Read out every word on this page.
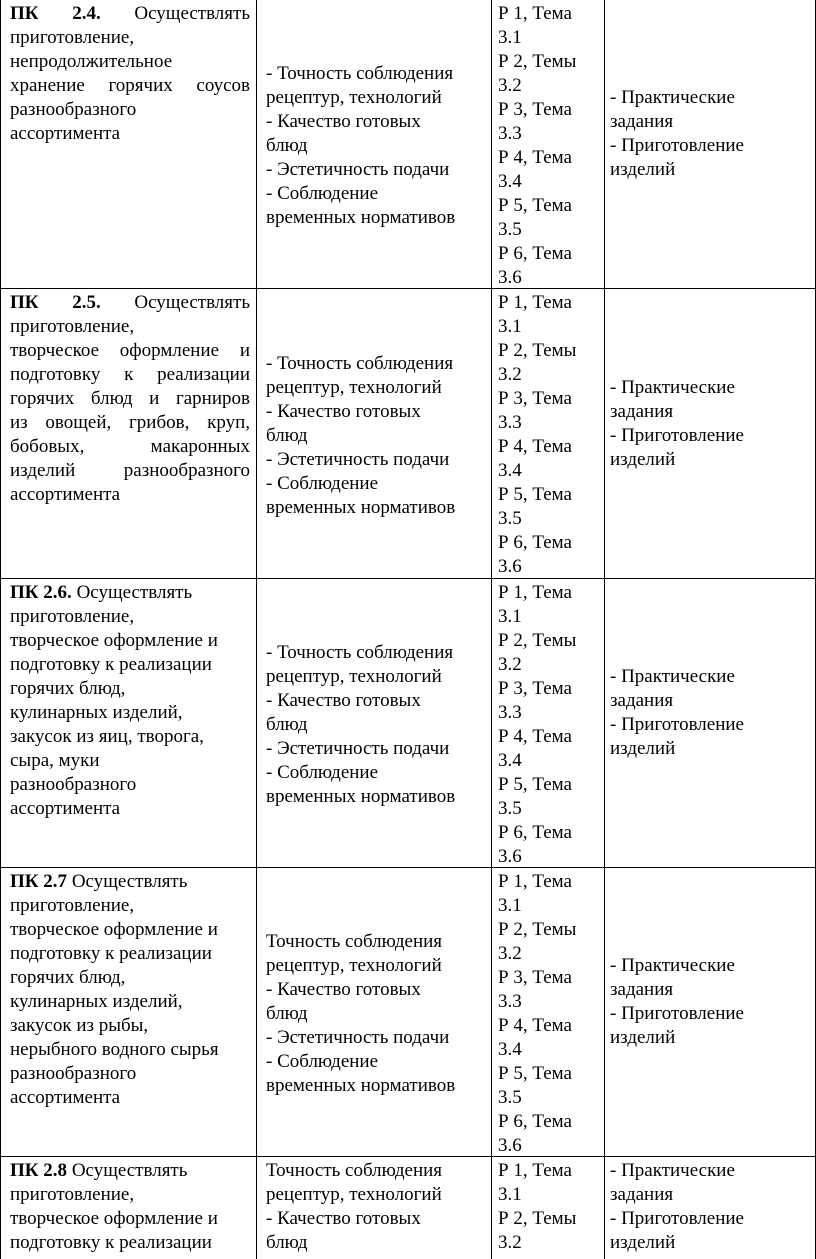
ПК 2.4. Осуществлять
приготовление,
непродолжительное
хранение горячих соусов
разнообразного
ассортимента
- Точность соблюдения
рецептур, технологий
- Качество готовых
блюд
- Эстетичность подачи
- Соблюдение
временных нормативов
Р 1, Тема
3.1
Р 2, Темы
3.2
Р 3, Тема
3.3
Р 4, Тема
3.4
Р 5, Тема
3.5
Р 6, Тема
3.6
- Практические
задания
- Приготовление
изделий
ПК 2.5. Осуществлять
приготовление,
творческое оформление и
подготовку к реализации
горячих блюд и гарниров
из овощей, грибов, круп,
бобовых, макаронных
изделий разнообразного
ассортимента
- Точность соблюдения
рецептур, технологий
- Качество готовых
блюд
- Эстетичность подачи
- Соблюдение
временных нормативов
Р 1, Тема
3.1
Р 2, Темы
3.2
Р 3, Тема
3.3
Р 4, Тема
3.4
Р 5, Тема
3.5
Р 6, Тема
3.6
- Практические
задания
- Приготовление
изделий
ПК 2.6. Осуществлять
приготовление,
творческое оформление и
подготовку к реализации
горячих блюд,
кулинарных изделий,
закусок из яиц, творога,
сыра, муки
разнообразного
ассортимента
- Точность соблюдения
рецептур, технологий
- Качество готовых
блюд
- Эстетичность подачи
- Соблюдение
временных нормативов
Р 1, Тема
3.1
Р 2, Темы
3.2
Р 3, Тема
3.3
Р 4, Тема
3.4
Р 5, Тема
3.5
Р 6, Тема
3.6
- Практические
задания
- Приготовление
изделий
ПК 2.7 Осуществлять
приготовление,
творческое оформление и
подготовку к реализации
горячих блюд,
кулинарных изделий,
закусок из рыбы,
нерыбного водного сырья
разнообразного
ассортимента
Точность соблюдения
рецептур, технологий
- Качество готовых
блюд
- Эстетичность подачи
- Соблюдение
временных нормативов
Р 1, Тема
3.1
Р 2, Темы
3.2
Р 3, Тема
3.3
Р 4, Тема
3.4
Р 5, Тема
3.5
Р 6, Тема
3.6
- Практические
задания
- Приготовление
изделий
ПК 2.8 Осуществлять
приготовление,
творческое оформление и
подготовку к реализации
Точность соблюдения
рецептур, технологий
- Качество готовых
блюд
Р 1, Тема
3.1
Р 2, Темы
3.2
- Практические
задания
- Приготовление
изделий
